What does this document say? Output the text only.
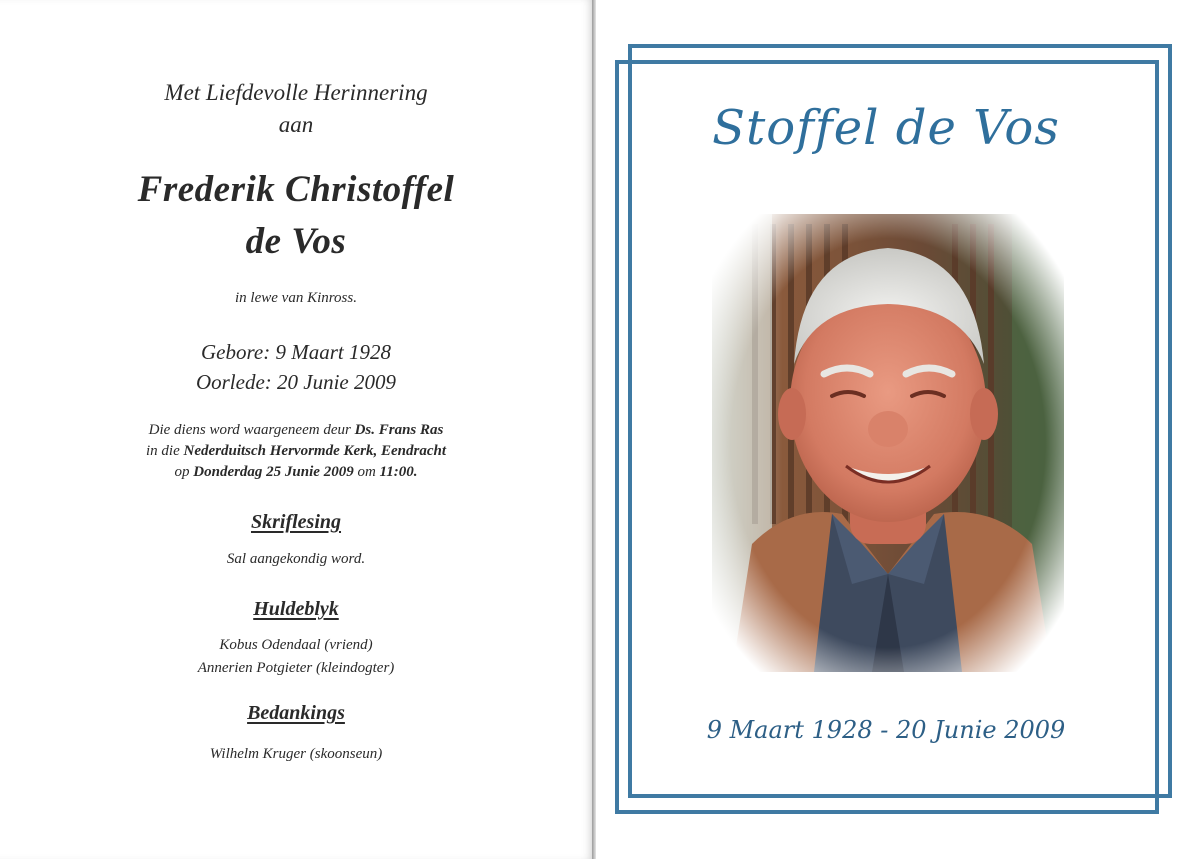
Met Liefdevolle Herinnering
aan
Frederik Christoffel
de Vos
in lewe van Kinross.
Gebore: 9 Maart 1928
Oorlede: 20 Junie 2009
Die diens word waargeneem deur Ds. Frans Ras
in die Nederduitsch Hervormde Kerk, Eendracht
op Donderdag 25 Junie 2009 om 11:00.
Skriflesing
Sal aangekondig word.
Huldeblyk
Kobus Odendaal (vriend)
Annerien Potgieter (kleindogter)
Bedankings
Wilhelm Kruger (skoonseun)
Stoffel de Vos
9 Maart 1928 - 20 Junie 2009
